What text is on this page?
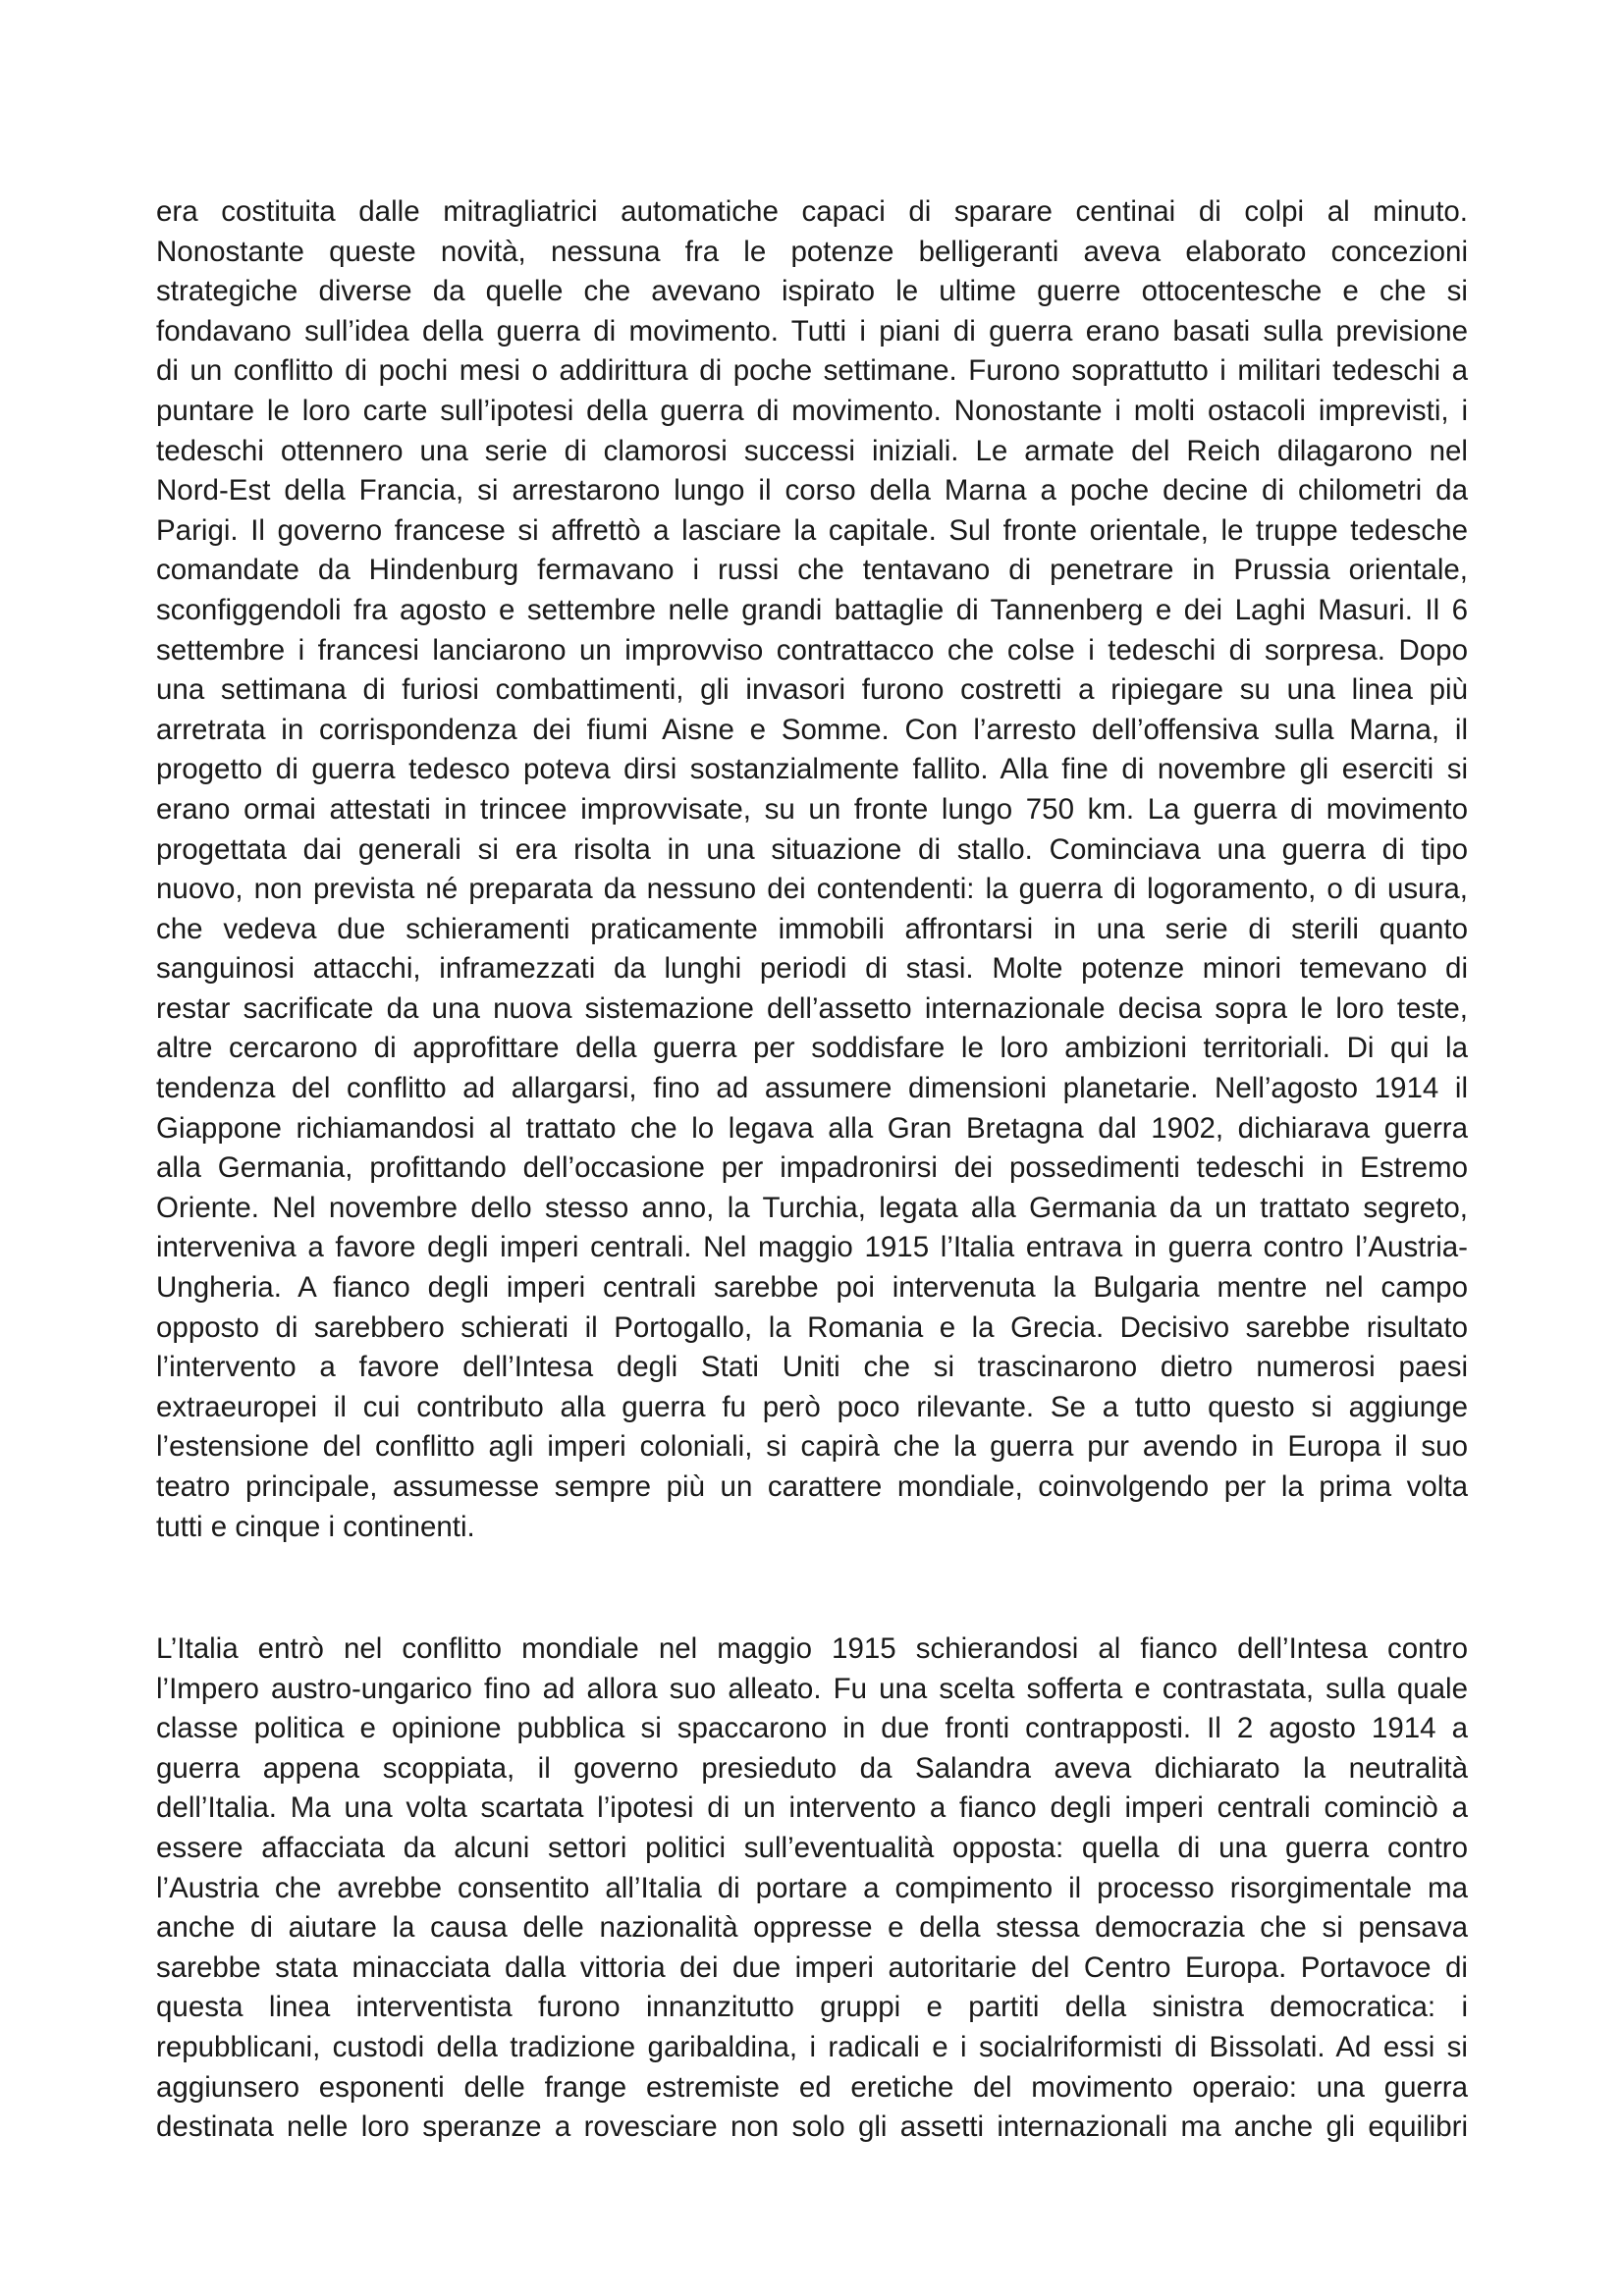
era costituita dalle mitragliatrici automatiche capaci di sparare centinai di colpi al minuto.
Nonostante queste novità, nessuna fra le potenze belligeranti aveva elaborato concezioni
strategiche diverse da quelle che avevano ispirato le ultime guerre ottocentesche e che si
fondavano sull’idea della guerra di movimento. Tutti i piani di guerra erano basati sulla previsione
di un conflitto di pochi mesi o addirittura di poche settimane. Furono soprattutto i militari tedeschi a
puntare le loro carte sull’ipotesi della guerra di movimento. Nonostante i molti ostacoli imprevisti, i
tedeschi ottennero una serie di clamorosi successi iniziali. Le armate del Reich dilagarono nel
Nord-Est della Francia, si arrestarono lungo il corso della Marna a poche decine di chilometri da
Parigi. Il governo francese si affrettò a lasciare la capitale. Sul fronte orientale, le truppe tedesche
comandate da Hindenburg fermavano i russi che tentavano di penetrare in Prussia orientale,
sconfiggendoli fra agosto e settembre nelle grandi battaglie di Tannenberg e dei Laghi Masuri. Il 6
settembre i francesi lanciarono un improvviso contrattacco che colse i tedeschi di sorpresa. Dopo
una settimana di furiosi combattimenti, gli invasori furono costretti a ripiegare su una linea più
arretrata in corrispondenza dei fiumi Aisne e Somme. Con l’arresto dell’offensiva sulla Marna, il
progetto di guerra tedesco poteva dirsi sostanzialmente fallito. Alla fine di novembre gli eserciti si
erano ormai attestati in trincee improvvisate, su un fronte lungo 750 km. La guerra di movimento
progettata dai generali si era risolta in una situazione di stallo. Cominciava una guerra di tipo
nuovo, non prevista né preparata da nessuno dei contendenti: la guerra di logoramento, o di usura,
che vedeva due schieramenti praticamente immobili affrontarsi in una serie di sterili quanto
sanguinosi attacchi, inframezzati da lunghi periodi di stasi. Molte potenze minori temevano di
restar sacrificate da una nuova sistemazione dell’assetto internazionale decisa sopra le loro teste,
altre cercarono di approfittare della guerra per soddisfare le loro ambizioni territoriali. Di qui la
tendenza del conflitto ad allargarsi, fino ad assumere dimensioni planetarie. Nell’agosto 1914 il
Giappone richiamandosi al trattato che lo legava alla Gran Bretagna dal 1902, dichiarava guerra
alla Germania, profittando dell’occasione per impadronirsi dei possedimenti tedeschi in Estremo
Oriente. Nel novembre dello stesso anno, la Turchia, legata alla Germania da un trattato segreto,
interveniva a favore degli imperi centrali. Nel maggio 1915 l’Italia entrava in guerra contro l’Austria-
Ungheria. A fianco degli imperi centrali sarebbe poi intervenuta la Bulgaria mentre nel campo
opposto di sarebbero schierati il Portogallo, la Romania e la Grecia. Decisivo sarebbe risultato
l’intervento a favore dell’Intesa degli Stati Uniti che si trascinarono dietro numerosi paesi
extraeuropei il cui contributo alla guerra fu però poco rilevante. Se a tutto questo si aggiunge
l’estensione del conflitto agli imperi coloniali, si capirà che la guerra pur avendo in Europa il suo
teatro principale, assumesse sempre più un carattere mondiale, coinvolgendo per la prima volta
tutti e cinque i continenti.
L’Italia entrò nel conflitto mondiale nel maggio 1915 schierandosi al fianco dell’Intesa contro
l’Impero austro-ungarico fino ad allora suo alleato. Fu una scelta sofferta e contrastata, sulla quale
classe politica e opinione pubblica si spaccarono in due fronti contrapposti. Il 2 agosto 1914 a
guerra appena scoppiata, il governo presieduto da Salandra aveva dichiarato la neutralità
dell’Italia. Ma una volta scartata l’ipotesi di un intervento a fianco degli imperi centrali cominciò a
essere affacciata da alcuni settori politici sull’eventualità opposta: quella di una guerra contro
l’Austria che avrebbe consentito all’Italia di portare a compimento il processo risorgimentale ma
anche di aiutare la causa delle nazionalità oppresse e della stessa democrazia che si pensava
sarebbe stata minacciata dalla vittoria dei due imperi autoritarie del Centro Europa. Portavoce di
questa linea interventista furono innanzitutto gruppi e partiti della sinistra democratica: i
repubblicani, custodi della tradizione garibaldina, i radicali e i socialriformisti di Bissolati. Ad essi si
aggiunsero esponenti delle frange estremiste ed eretiche del movimento operaio: una guerra
destinata nelle loro speranze a rovesciare non solo gli assetti internazionali ma anche gli equilibri
